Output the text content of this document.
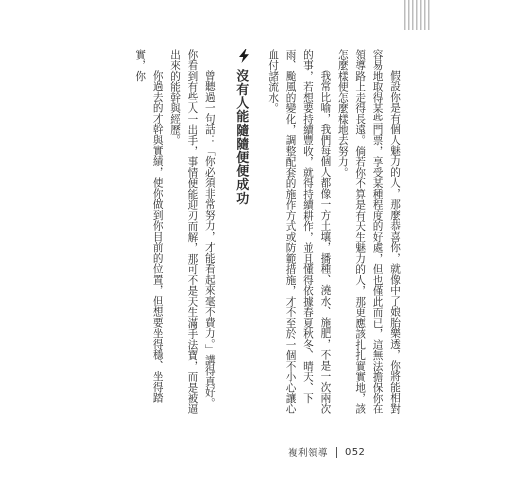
假設你是有個人魅力的人，那麼恭喜你，就像中了娘胎樂透，你將能相對容易地取得某些門票，享受某種程度的好處，但也僅此而已，這無法擔保你在領導路上走得長遠。倘若你不算是有天生魅力的人，那更應該扎扎實實地，該怎麼樣便怎麼樣地去努力。

我常比喻，我們每個人都像一方土壤，播種、澆水、施肥，不是一次兩次的事，若想要持續豐收，就得持續耕作，並且懂得依據春夏秋冬、晴天、下雨、颱風的變化，調整配套的施作方式或防範措施，才不至於一個不小心讓心血付諸流水。

沒有人能隨隨便便成功

曾聽過一句話：「你必須非常努力，才能看起來毫不費力。」講得真好。你看到有些人一出手，事情便能迎刃而解，那可不是天生滿手法寶，而是被逼出來的能幹與經歷。

你過去的才幹與實績，使你做到你目前的位置，但想要坐得穩、坐得踏實，你

複利領導 052
